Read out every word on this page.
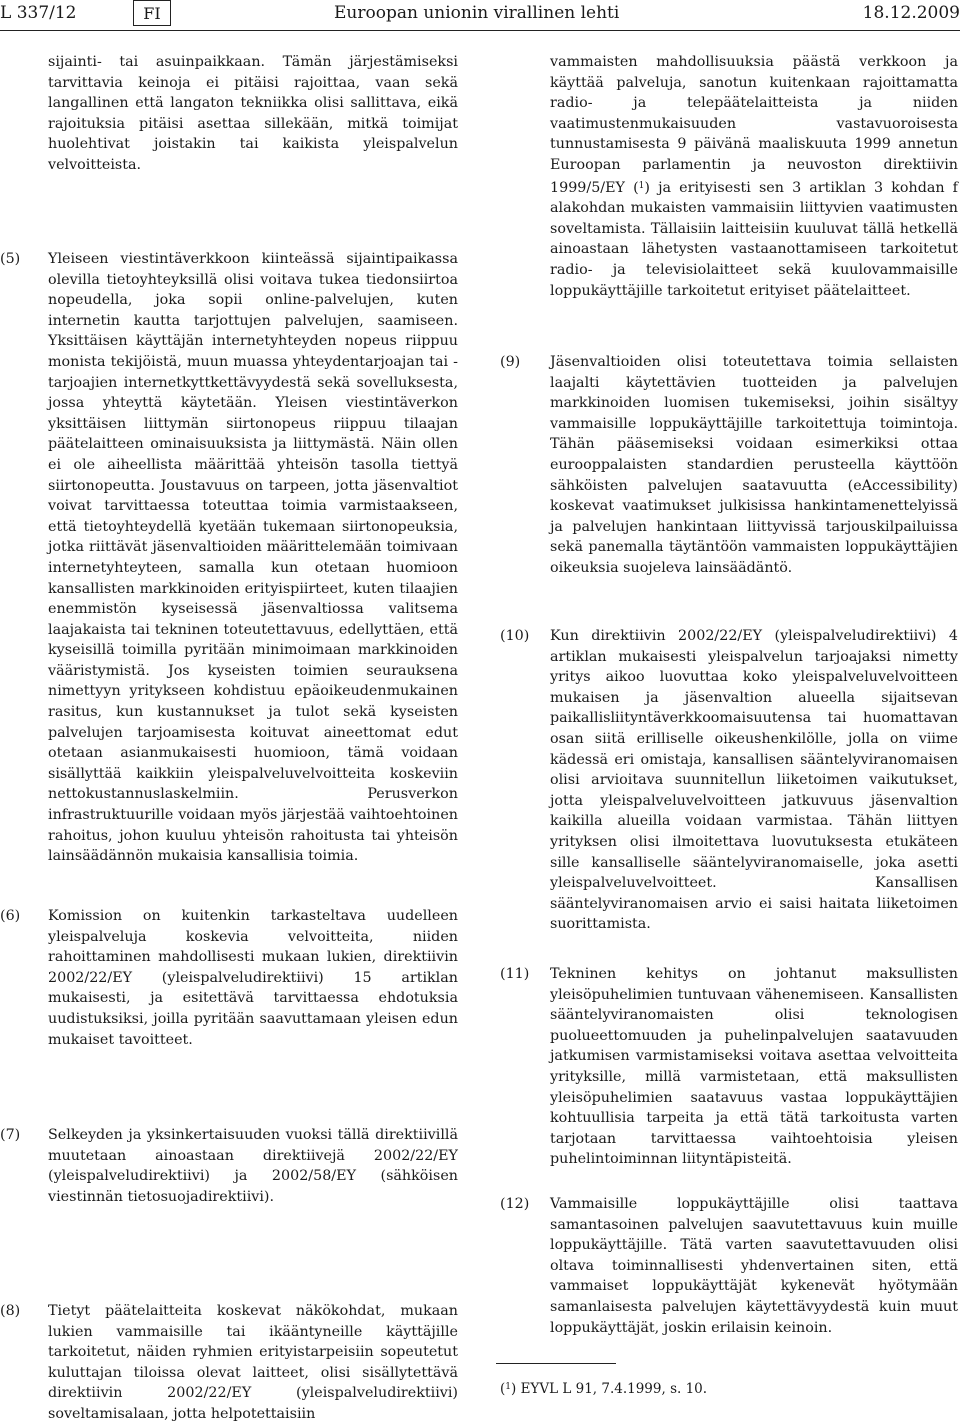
L 337/12	FI	Euroopan unionin virallinen lehti	18.12.2009

sijainti- tai asuinpaikkaan. Tämän järjestämiseksi tarvittavia keinoja ei pitäisi rajoittaa, vaan sekä langallinen että langaton tekniikka olisi sallittava, eikä rajoituksia pitäisi asettaa sillekään, mitkä toimijat huolehtivat joistakin tai kaikista yleispalvelun velvoitteista.

(5) Yleiseen viestintäverkkoon kiinteässä sijaintipaikassa olevilla tietoyhteyksillä olisi voitava tukea tiedonsiirtoa nopeudella, joka sopii online-palvelujen, kuten internetin kautta tarjottujen palvelujen, saamiseen. Yksittäisen käyttäjän internetyhteyden nopeus riippuu monista tekijöistä, muun muassa yhteydentarjoajan tai -tarjoajien internetkyttkettävyydestä sekä sovelluksesta, jossa yhteyttä käytetään. Yleisen viestintäverkon yksittäisen liittymän siirtonopeus riippuu tilaajan päätelaitteen ominaisuuksista ja liittymästä. Näin ollen ei ole aiheellista määrittää yhteisön tasolla tiettyä siirtonopeutta. Joustavuus on tarpeen, jotta jäsenvaltiot voivat tarvittaessa toteuttaa toimia varmistaakseen, että tietoyhteydellä kyetään tukemaan siirtonopeuksia, jotka riittävät jäsenvaltioiden määrittelemään toimivaan internetyhteyteen, samalla kun otetaan huomioon kansallisten markkinoiden erityispiirteet, kuten tilaajien enemmistön kyseisessä jäsenvaltiossa valitsema laajakaista tai tekninen toteutettavuus, edellyttäen, että kyseisillä toimilla pyritään minimoimaan markkinoiden vääristymistä. Jos kyseisten toimien seurauksena nimettyyn yritykseen kohdistuu epäoikeudenmukainen rasitus, kun kustannukset ja tulot sekä kyseisten palvelujen tarjoamisesta koituvat aineettomat edut otetaan asianmukaisesti huomioon, tämä voidaan sisällyttää kaikkiin yleispalveluvelvoitteita koskeviin nettokustannuslaskelmiin. Perusverkon infrastruktuurille voidaan myös järjestää vaihtoehtoinen rahoitus, johon kuuluu yhteisön rahoitusta tai yhteisön lainsäädännön mukaisia kansallisia toimia.

(6) Komission on kuitenkin tarkasteltava uudelleen yleispalveluja koskevia velvoitteita, niiden rahoittaminen mahdollisesti mukaan lukien, direktiivin 2002/22/EY (yleispalveludirektiivi) 15 artiklan mukaisesti, ja esitettävä tarvittaessa ehdotuksia uudistuksiksi, joilla pyritään saavuttamaan yleisen edun mukaiset tavoitteet.

(7) Selkeyden ja yksinkertaisuuden vuoksi tällä direktiivillä muutetaan ainoastaan direktiivejä 2002/22/EY (yleispalveludirektiivi) ja 2002/58/EY (sähköisen viestinnän tietosuojadirektiivi).

(8) Tietyt päätelaitteita koskevat näkökohdat, mukaan lukien vammaisille tai ikääntyneille käyttäjille tarkoitetut, näiden ryhmien erityistarpeisiin sopeutetut kuluttajan tiloissa olevat laitteet, olisi sisällytettävä direktiivin 2002/22/EY (yleispalveludirektiivi) soveltamisalaan, jotta helpotettaisiin

vammaisten mahdollisuuksia päästä verkkoon ja käyttää palveluja, sanotun kuitenkaan rajoittamatta radio- ja telepäätelaitteista ja niiden vaatimustenmukaisuuden vastavuoroisesta tunnustamisesta 9 päivänä maaliskuuta 1999 annetun Euroopan parlamentin ja neuvoston direktiivin 1999/5/EY ($^1$) ja erityisesti sen 3 artiklan 3 kohdan f alakohdan mukaisten vammaisiin liittyvien vaatimusten soveltamista. Tällaisiin laitteisiin kuuluvat tällä hetkellä ainoastaan lähetysten vastaanottamiseen tarkoitetut radio- ja televisiolaitteet sekä kuulovammaisille loppukäyttäjille tarkoitetut erityiset päätelaitteet.

(9) Jäsenvaltioiden olisi toteutettava toimia sellaisten laajalti käytettävien tuotteiden ja palvelujen markkinoiden luomisen tukemiseksi, joihin sisältyy vammaisille loppukäyttäjille tarkoitettuja toimintoja. Tähän pääsemiseksi voidaan esimerkiksi ottaa eurooppalaisten standardien perusteella käyttöön sähköisten palvelujen saatavuutta (eAccessibility) koskevat vaatimukset julkisissa hankintamenettelyissä ja palvelujen hankintaan liittyvissä tarjouskilpailuissa sekä panemalla täytäntöön vammaisten loppukäyttäjien oikeuksia suojeleva lainsäädäntö.

(10) Kun direktiivin 2002/22/EY (yleispalveludirektiivi) 4 artiklan mukaisesti yleispalvelun tarjoajaksi nimetty yritys aikoo luovuttaa koko yleispalveluvelvoitteen mukaisen ja jäsenvaltion alueella sijaitsevan paikallisliityntäverkkoomaisuutensa tai huomattavan osan siitä erilliselle oikeushenkilölle, jolla on viime kädessä eri omistaja, kansallisen sääntelyviranomaisen olisi arvioitava suunnitellun liiketoimen vaikutukset, jotta yleispalveluvelvoitteen jatkuvuus jäsenvaltion kaikilla alueilla voidaan varmistaa. Tähän liittyen yrityksen olisi ilmoitettava luovutuksesta etukäteen sille kansalliselle sääntelyviranomaiselle, joka asetti yleispalveluvelvoitteet. Kansallisen sääntelyviranomaisen arvio ei saisi haitata liiketoimen suorittamista.

(11) Tekninen kehitys on johtanut maksullisten yleisöpuhelimien tuntuvaan vähenemiseen. Kansallisten sääntelyviranomaisten olisi teknologisen puolueettomuuden ja puhelinpalvelujen saatavuuden jatkumisen varmistamiseksi voitava asettaa velvoitteita yrityksille, millä varmistetaan, että maksullisten yleisöpuhelimien saatavuus vastaa loppukäyttäjien kohtuullisia tarpeita ja että tätä tarkoitusta varten tarjotaan tarvittaessa vaihtoehtoisia yleisen puhelintoiminnan liityntäpisteitä.

(12) Vammaisille loppukäyttäjille olisi taattava samantasoinen palvelujen saavutettavuus kuin muille loppukäyttäjille. Tätä varten saavutettavuuden olisi oltava toiminnallisesti yhdenvertainen siten, että vammaiset loppukäyttäjät kykenevät hyötymään samanlaisesta palvelujen käytettävyydestä kuin muut loppukäyttäjät, joskin erilaisin keinoin.

($^1$) EYVL L 91, 7.4.1999, s. 10.
